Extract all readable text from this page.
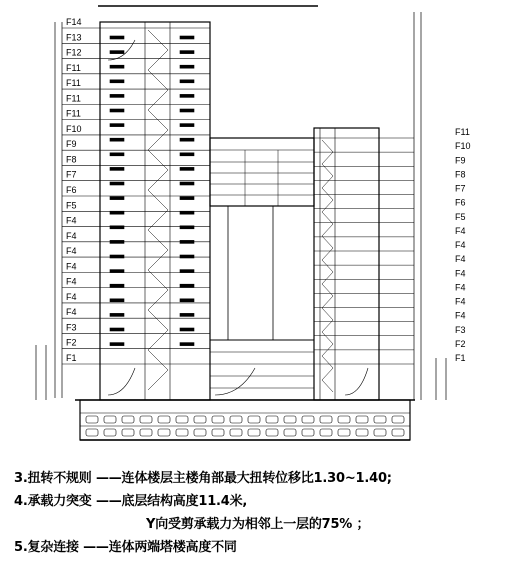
F14
F13
F12
F11
F11
F11
F11
F10
F9
F8
F7
F6
F5
F4
F4
F4
F4
F4
F4
F4
F3
F2
F1
F11
F10
F9
F8
F7
F6
F5
F4
F4
F4
F4
F4
F4
F4
F3
F2
F1
3.扭转不规则 ——连体楼层主楼角部最大扭转位移比1.30~1.40;
4.承载力突变 ——底层结构高度11.4米,
Y向受剪承载力为相邻上一层的75% ；
5.复杂连接 ——连体两端塔楼高度不同
